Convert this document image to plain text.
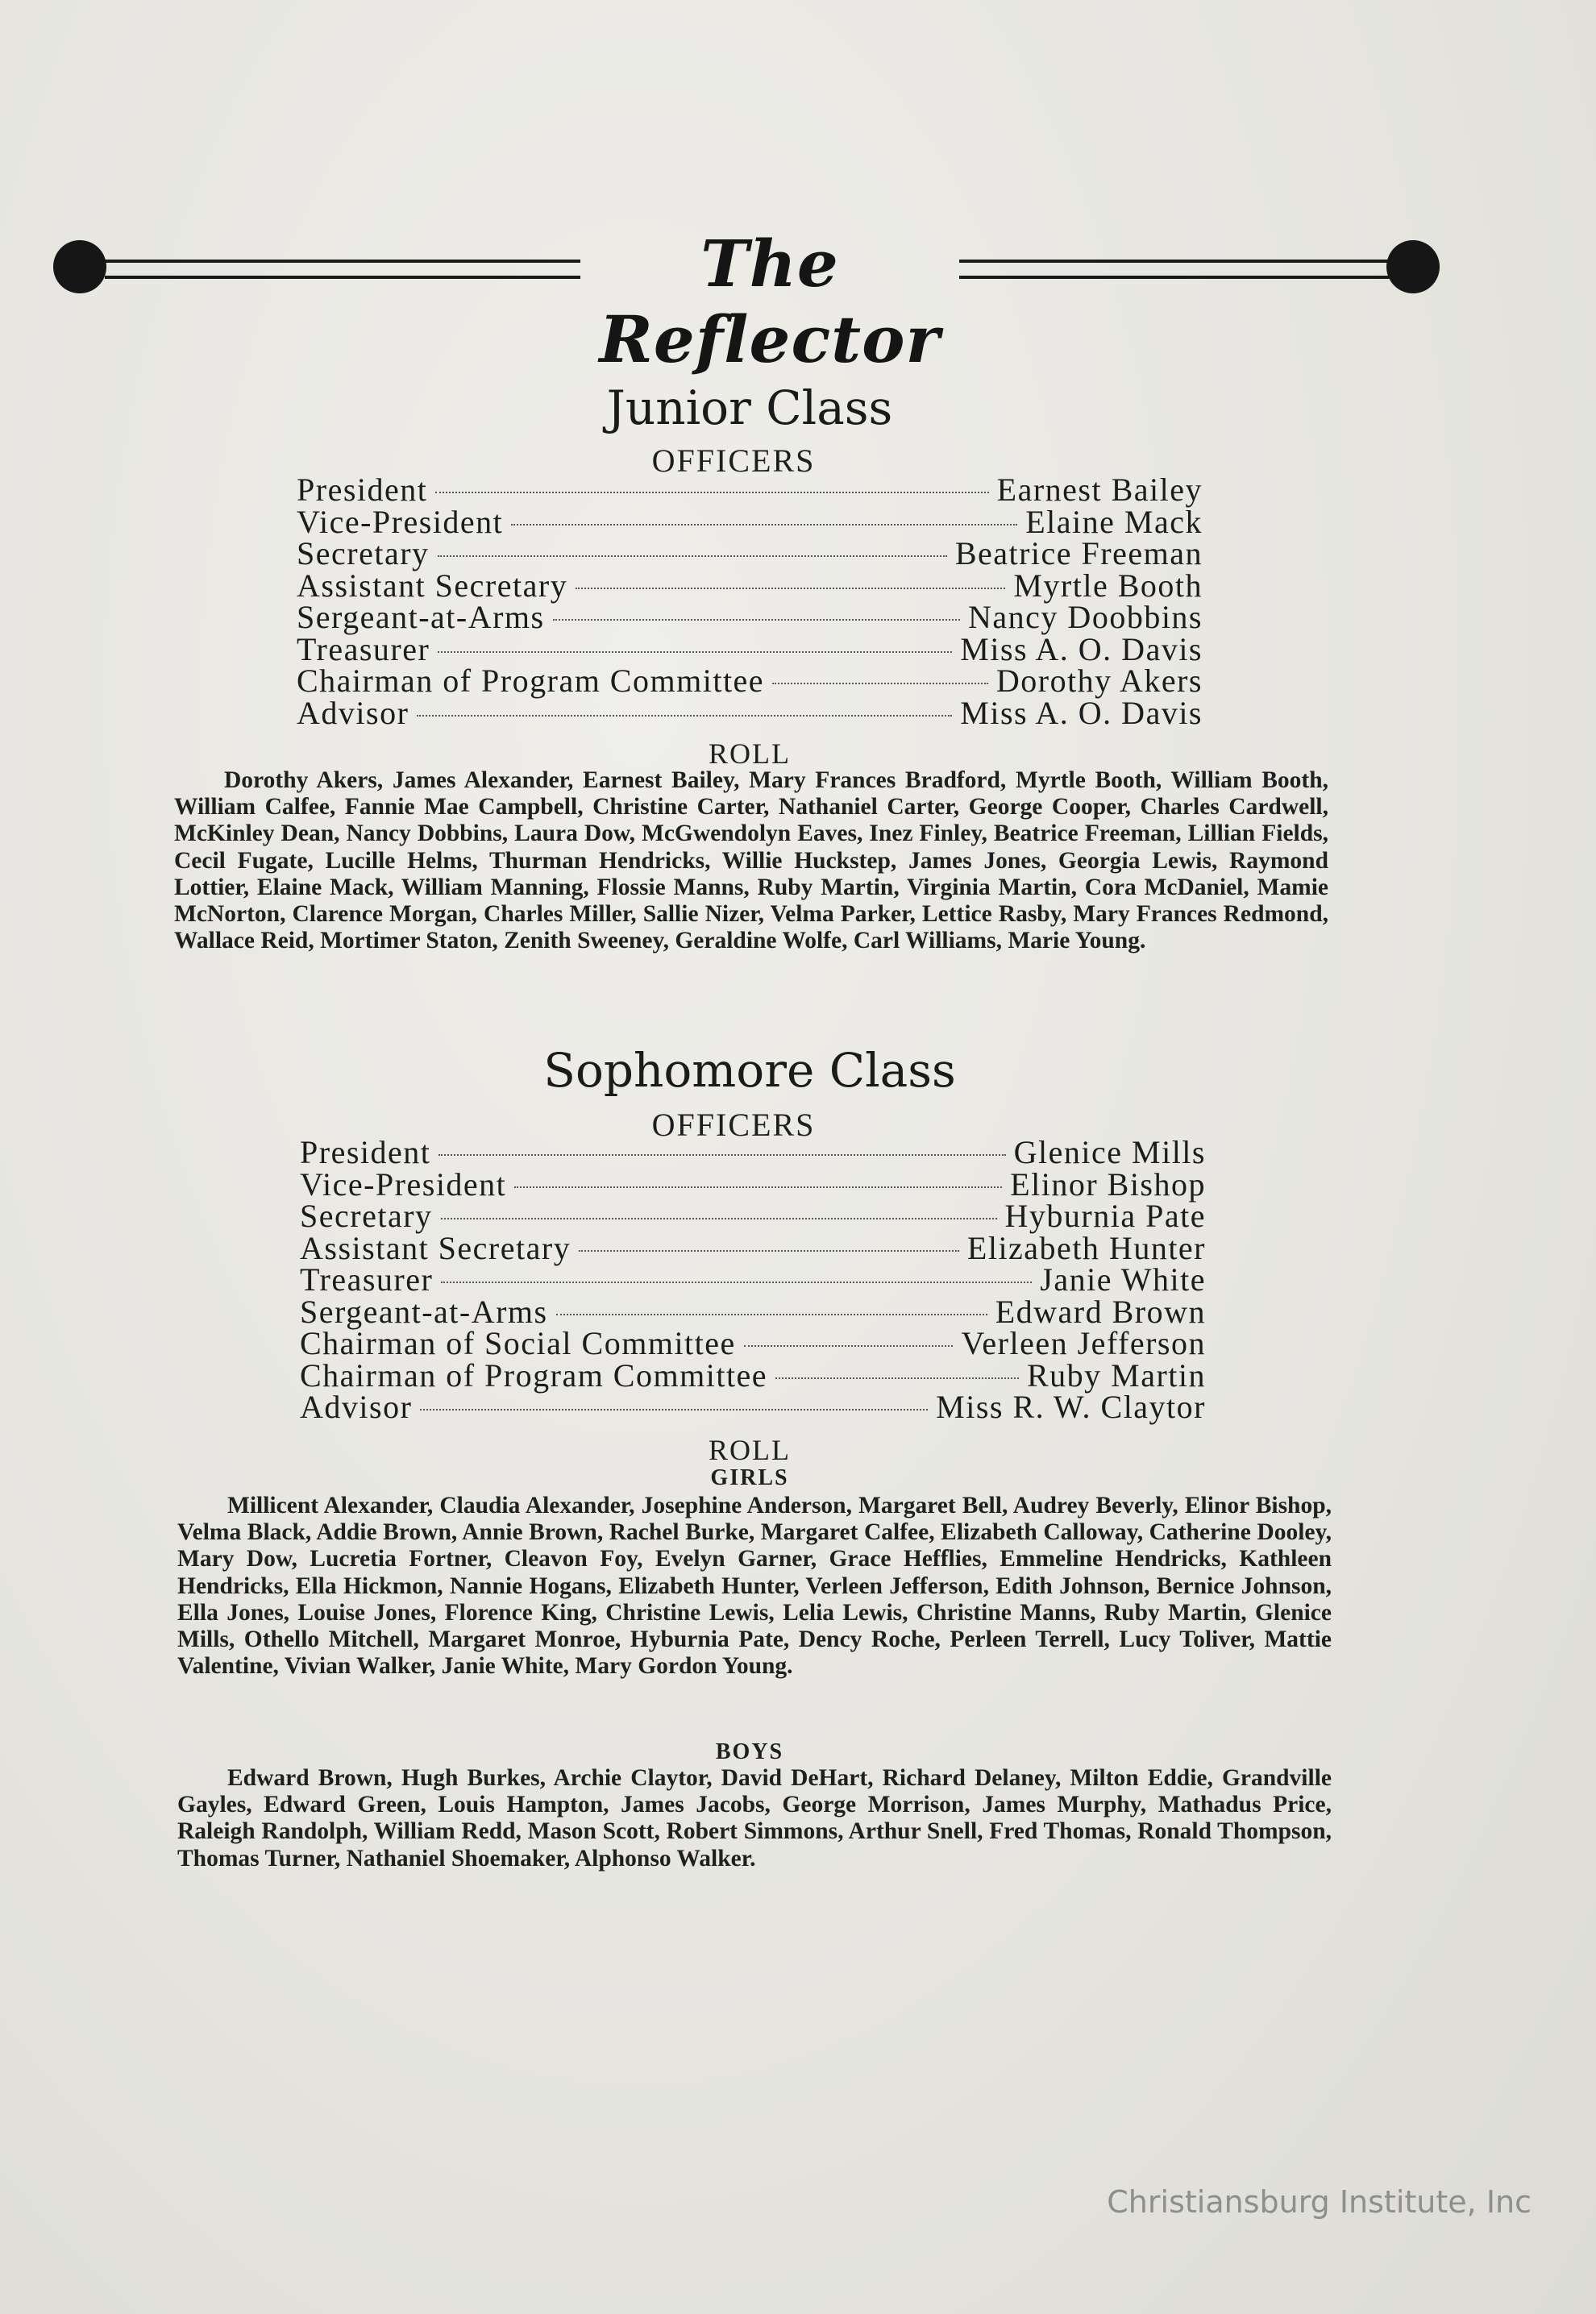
The Reflector
Junior Class
OFFICERS
President	Earnest Bailey
Vice-President	Elaine Mack
Secretary	Beatrice Freeman
Assistant Secretary	Myrtle Booth
Sergeant-at-Arms	Nancy Doobbins
Treasurer	Miss A. O. Davis
Chairman of Program Committee	Dorothy Akers
Advisor	Miss A. O. Davis
ROLL
Dorothy Akers, James Alexander, Earnest Bailey, Mary Frances Bradford, Myrtle Booth, William Booth, William Calfee, Fannie Mae Campbell, Christine Carter, Nathaniel Carter, George Cooper, Charles Cardwell, McKinley Dean, Nancy Dobbins, Laura Dow, McGwendolyn Eaves, Inez Finley, Beatrice Freeman, Lillian Fields, Cecil Fugate, Lucille Helms, Thurman Hendricks, Willie Huckstep, James Jones, Georgia Lewis, Raymond Lottier, Elaine Mack, William Manning, Flossie Manns, Ruby Martin, Virginia Martin, Cora McDaniel, Mamie McNorton, Clarence Morgan, Charles Miller, Sallie Nizer, Velma Parker, Lettice Rasby, Mary Frances Redmond, Wallace Reid, Mortimer Staton, Zenith Sweeney, Geraldine Wolfe, Carl Williams, Marie Young.
Sophomore Class
OFFICERS
President	Glenice Mills
Vice-President	Elinor Bishop
Secretary	Hyburnia Pate
Assistant Secretary	Elizabeth Hunter
Treasurer	Janie White
Sergeant-at-Arms	Edward Brown
Chairman of Social Committee	Verleen Jefferson
Chairman of Program Committee	Ruby Martin
Advisor	Miss R. W. Claytor
ROLL
GIRLS
Millicent Alexander, Claudia Alexander, Josephine Anderson, Margaret Bell, Audrey Beverly, Elinor Bishop, Velma Black, Addie Brown, Annie Brown, Rachel Burke, Margaret Calfee, Elizabeth Calloway, Catherine Dooley, Mary Dow, Lucretia Fortner, Cleavon Foy, Evelyn Garner, Grace Hefflies, Emmeline Hendricks, Kathleen Hendricks, Ella Hickmon, Nannie Hogans, Elizabeth Hunter, Verleen Jefferson, Edith Johnson, Bernice Johnson, Ella Jones, Louise Jones, Florence King, Christine Lewis, Lelia Lewis, Christine Manns, Ruby Martin, Glenice Mills, Othello Mitchell, Margaret Monroe, Hyburnia Pate, Dency Roche, Perleen Terrell, Lucy Toliver, Mattie Valentine, Vivian Walker, Janie White, Mary Gordon Young.
BOYS
Edward Brown, Hugh Burkes, Archie Claytor, David DeHart, Richard Delaney, Milton Eddie, Grandville Gayles, Edward Green, Louis Hampton, James Jacobs, George Morrison, James Murphy, Mathadus Price, Raleigh Randolph, William Redd, Mason Scott, Robert Simmons, Arthur Snell, Fred Thomas, Ronald Thompson, Thomas Turner, Nathaniel Shoemaker, Alphonso Walker.
Christiansburg Institute, Inc
